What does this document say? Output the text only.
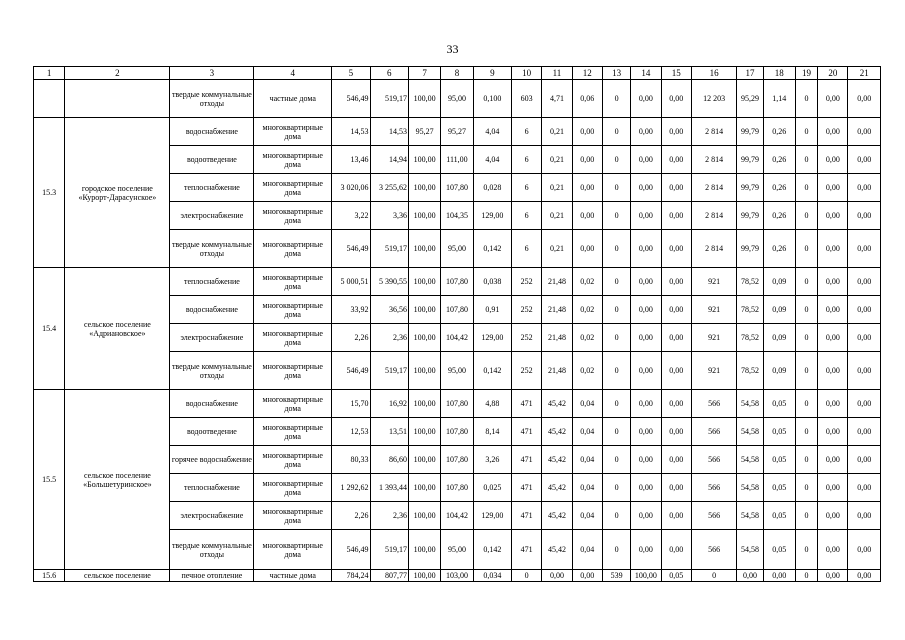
33
1	2	3	4	5	6	7	8	9	10	11	12	13	14	15	16	17	18	19	20	21
		твердые коммунальные отходы	частные дома	546,49	519,17	100,00	95,00	0,100	603	4,71	0,06	0	0,00	0,00	12 203	95,29	1,14	0	0,00	0,00
15.3	городское поселение «Курорт-Дарасунское»	водоснабжение	многоквартирные дома	14,53	14,53	95,27	95,27	4,04	6	0,21	0,00	0	0,00	0,00	2 814	99,79	0,26	0	0,00	0,00
		водоотведение	многоквартирные дома	13,46	14,94	100,00	111,00	4,04	6	0,21	0,00	0	0,00	0,00	2 814	99,79	0,26	0	0,00	0,00
		теплоснабжение	многоквартирные дома	3 020,06	3 255,62	100,00	107,80	0,028	6	0,21	0,00	0	0,00	0,00	2 814	99,79	0,26	0	0,00	0,00
		электроснабжение	многоквартирные дома	3,22	3,36	100,00	104,35	129,00	6	0,21	0,00	0	0,00	0,00	2 814	99,79	0,26	0	0,00	0,00
		твердые коммунальные отходы	многоквартирные дома	546,49	519,17	100,00	95,00	0,142	6	0,21	0,00	0	0,00	0,00	2 814	99,79	0,26	0	0,00	0,00
15.4	сельское поселение «Адриановское»	теплоснабжение	многоквартирные дома	5 000,51	5 390,55	100,00	107,80	0,038	252	21,48	0,02	0	0,00	0,00	921	78,52	0,09	0	0,00	0,00
		водоснабжение	многоквартирные дома	33,92	36,56	100,00	107,80	0,91	252	21,48	0,02	0	0,00	0,00	921	78,52	0,09	0	0,00	0,00
		электроснабжение	многоквартирные дома	2,26	2,36	100,00	104,42	129,00	252	21,48	0,02	0	0,00	0,00	921	78,52	0,09	0	0,00	0,00
		твердые коммунальные отходы	многоквартирные дома	546,49	519,17	100,00	95,00	0,142	252	21,48	0,02	0	0,00	0,00	921	78,52	0,09	0	0,00	0,00
15.5	сельское поселение «Большетуринское»	водоснабжение	многоквартирные дома	15,70	16,92	100,00	107,80	4,88	471	45,42	0,04	0	0,00	0,00	566	54,58	0,05	0	0,00	0,00
		водоотведение	многоквартирные дома	12,53	13,51	100,00	107,80	8,14	471	45,42	0,04	0	0,00	0,00	566	54,58	0,05	0	0,00	0,00
		горячее водоснабжение	многоквартирные дома	80,33	86,60	100,00	107,80	3,26	471	45,42	0,04	0	0,00	0,00	566	54,58	0,05	0	0,00	0,00
		теплоснабжение	многоквартирные дома	1 292,62	1 393,44	100,00	107,80	0,025	471	45,42	0,04	0	0,00	0,00	566	54,58	0,05	0	0,00	0,00
		электроснабжение	многоквартирные дома	2,26	2,36	100,00	104,42	129,00	471	45,42	0,04	0	0,00	0,00	566	54,58	0,05	0	0,00	0,00
		твердые коммунальные отходы	многоквартирные дома	546,49	519,17	100,00	95,00	0,142	471	45,42	0,04	0	0,00	0,00	566	54,58	0,05	0	0,00	0,00
15.6	сельское поселение	печное отопление	частные дома	784,24	807,77	100,00	103,00	0,034	0	0,00	0,00	539	100,00	0,05	0	0,00	0,00	0	0,00	0,00
